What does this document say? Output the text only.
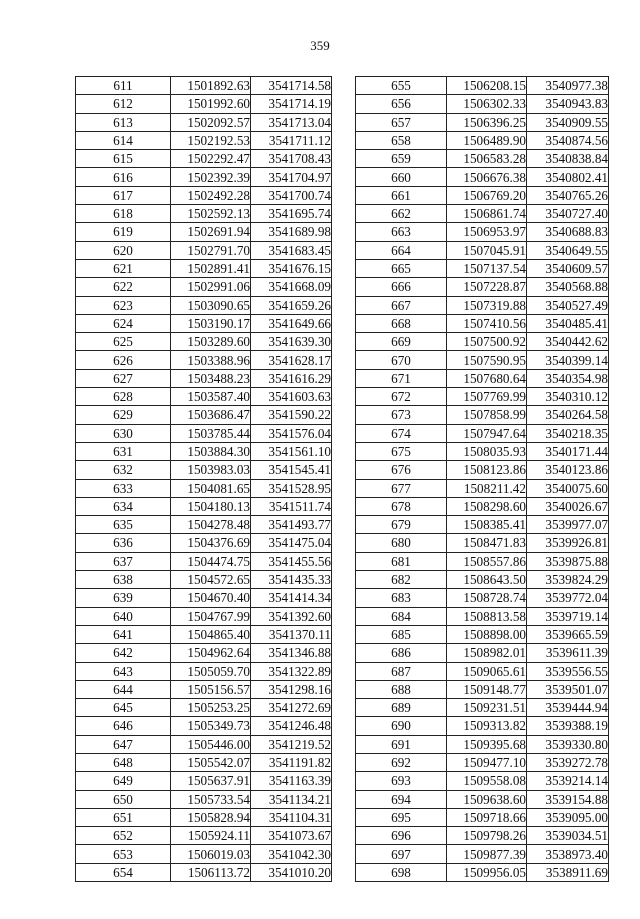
359
611	1501892.63	3541714.58
612	1501992.60	3541714.19
613	1502092.57	3541713.04
614	1502192.53	3541711.12
615	1502292.47	3541708.43
616	1502392.39	3541704.97
617	1502492.28	3541700.74
618	1502592.13	3541695.74
619	1502691.94	3541689.98
620	1502791.70	3541683.45
621	1502891.41	3541676.15
622	1502991.06	3541668.09
623	1503090.65	3541659.26
624	1503190.17	3541649.66
625	1503289.60	3541639.30
626	1503388.96	3541628.17
627	1503488.23	3541616.29
628	1503587.40	3541603.63
629	1503686.47	3541590.22
630	1503785.44	3541576.04
631	1503884.30	3541561.10
632	1503983.03	3541545.41
633	1504081.65	3541528.95
634	1504180.13	3541511.74
635	1504278.48	3541493.77
636	1504376.69	3541475.04
637	1504474.75	3541455.56
638	1504572.65	3541435.33
639	1504670.40	3541414.34
640	1504767.99	3541392.60
641	1504865.40	3541370.11
642	1504962.64	3541346.88
643	1505059.70	3541322.89
644	1505156.57	3541298.16
645	1505253.25	3541272.69
646	1505349.73	3541246.48
647	1505446.00	3541219.52
648	1505542.07	3541191.82
649	1505637.91	3541163.39
650	1505733.54	3541134.21
651	1505828.94	3541104.31
652	1505924.11	3541073.67
653	1506019.03	3541042.30
654	1506113.72	3541010.20
655	1506208.15	3540977.38
656	1506302.33	3540943.83
657	1506396.25	3540909.55
658	1506489.90	3540874.56
659	1506583.28	3540838.84
660	1506676.38	3540802.41
661	1506769.20	3540765.26
662	1506861.74	3540727.40
663	1506953.97	3540688.83
664	1507045.91	3540649.55
665	1507137.54	3540609.57
666	1507228.87	3540568.88
667	1507319.88	3540527.49
668	1507410.56	3540485.41
669	1507500.92	3540442.62
670	1507590.95	3540399.14
671	1507680.64	3540354.98
672	1507769.99	3540310.12
673	1507858.99	3540264.58
674	1507947.64	3540218.35
675	1508035.93	3540171.44
676	1508123.86	3540123.86
677	1508211.42	3540075.60
678	1508298.60	3540026.67
679	1508385.41	3539977.07
680	1508471.83	3539926.81
681	1508557.86	3539875.88
682	1508643.50	3539824.29
683	1508728.74	3539772.04
684	1508813.58	3539719.14
685	1508898.00	3539665.59
686	1508982.01	3539611.39
687	1509065.61	3539556.55
688	1509148.77	3539501.07
689	1509231.51	3539444.94
690	1509313.82	3539388.19
691	1509395.68	3539330.80
692	1509477.10	3539272.78
693	1509558.08	3539214.14
694	1509638.60	3539154.88
695	1509718.66	3539095.00
696	1509798.26	3539034.51
697	1509877.39	3538973.40
698	1509956.05	3538911.69
